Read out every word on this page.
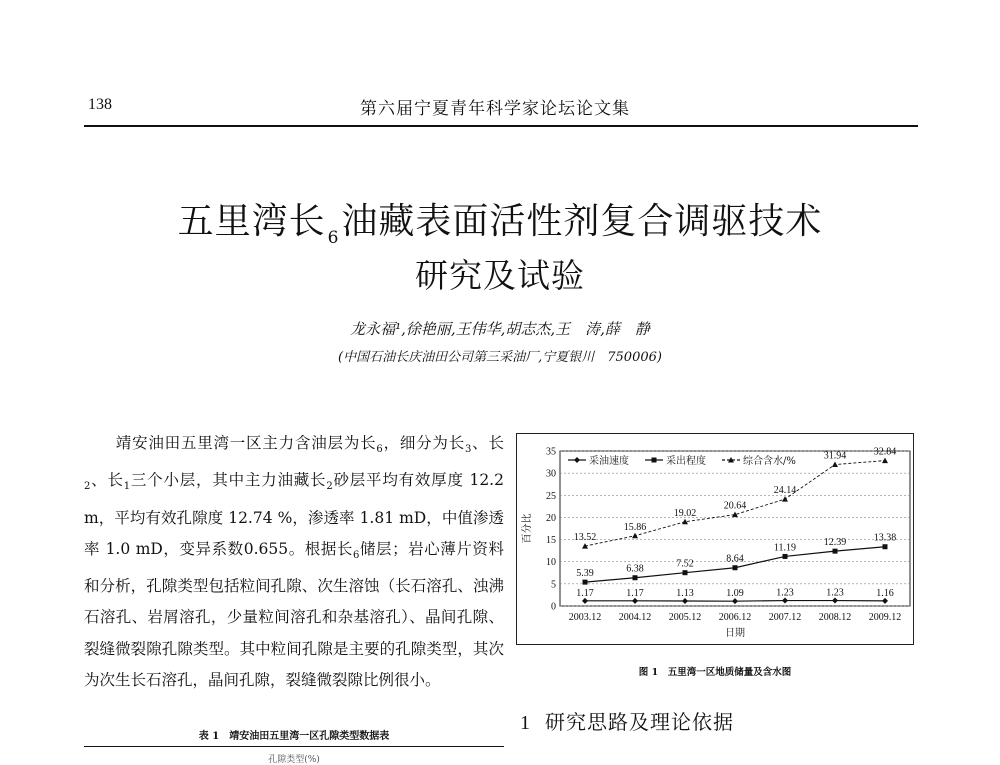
138	第六届宁夏青年科学家论坛论文集
五里湾长 $_6$油藏表面活性剂复合调驱技术
研究及试验
龙永福¹,徐艳丽,王伟华,胡志杰,王　涛,薛　静
(中国石油长庆油田公司第三采油厂,宁夏银川　750006)
  靖安油田五里湾一区主力含油层为长$_6$，细分为长$_3$、长$_2$、长$_1$三个小层，其中主力油藏长$_2$砂层平均有效厚度 12.2 m，平均有效孔隙度 12.74 %，渗透率 1.81 mD，中值渗透率 1.0 mD，变异系数0.655。根据长$_6$储层；岩心薄片资料和分析，孔隙类型包括粒间孔隙、次生溶蚀（长石溶孔、浊沸石溶孔、岩屑溶孔，少量粒间溶孔和杂基溶孔）、晶间孔隙、裂缝微裂隙孔隙类型。其中粒间孔隙是主要的孔隙类型，其次为次生长石溶孔，晶间孔隙，裂缝微裂隙比例很小。
表 1　靖安油田五里湾一区孔隙类型数据表
孔隙类型(%)
0
5
10
15
20
25
30
35
2003.12 2004.12 2005.12 2006.12 2007.12 2008.12 2009.12
日期
百分比
1.17	1.17	1.13	1.09	1.23	1.23	1.16
5.39	6.38	7.52	8.64
11.19	12.39	13.38
13.52
15.86
19.02
20.64
24.14
31.94	32.84
采油速度	采出程度	综合含水/%
图 1　五里湾一区地质储量及含水图
1 研究思路及理论依据
